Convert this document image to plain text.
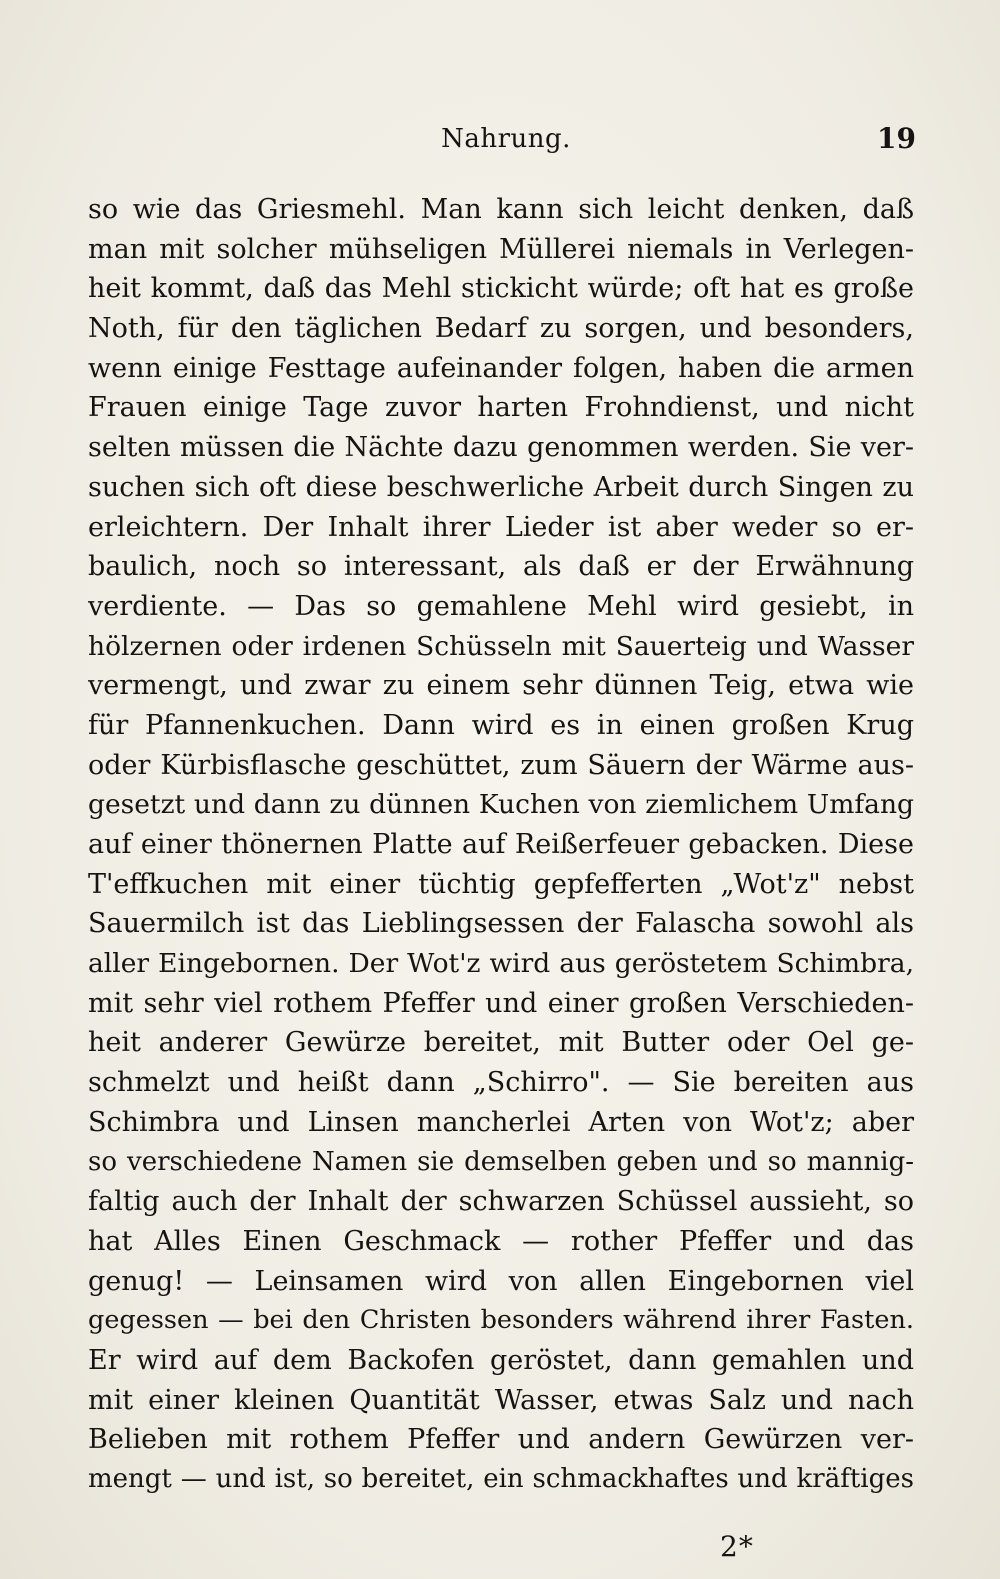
Nahrung.	19
so wie das Griesmehl. Man kann sich leicht denken, daß
man mit solcher mühseligen Müllerei niemals in Verlegen-
heit kommt, daß das Mehl stickicht würde; oft hat es große
Noth, für den täglichen Bedarf zu sorgen, und besonders,
wenn einige Festtage aufeinander folgen, haben die armen
Frauen einige Tage zuvor harten Frohndienst, und nicht
selten müssen die Nächte dazu genommen werden. Sie ver-
suchen sich oft diese beschwerliche Arbeit durch Singen zu
erleichtern. Der Inhalt ihrer Lieder ist aber weder so er-
baulich, noch so interessant, als daß er der Erwähnung
verdiente. — Das so gemahlene Mehl wird gesiebt, in
hölzernen oder irdenen Schüsseln mit Sauerteig und Wasser
vermengt, und zwar zu einem sehr dünnen Teig, etwa wie
für Pfannenkuchen. Dann wird es in einen großen Krug
oder Kürbisflasche geschüttet, zum Säuern der Wärme aus-
gesetzt und dann zu dünnen Kuchen von ziemlichem Umfang
auf einer thönernen Platte auf Reißerfeuer gebacken. Diese
T'effkuchen mit einer tüchtig gepfefferten „Wot'z" nebst
Sauermilch ist das Lieblingsessen der Falascha sowohl als
aller Eingebornen. Der Wot'z wird aus geröstetem Schimbra,
mit sehr viel rothem Pfeffer und einer großen Verschieden-
heit anderer Gewürze bereitet, mit Butter oder Oel ge-
schmelzt und heißt dann „Schirro". — Sie bereiten aus
Schimbra und Linsen mancherlei Arten von Wot'z; aber
so verschiedene Namen sie demselben geben und so mannig-
faltig auch der Inhalt der schwarzen Schüssel aussieht, so
hat Alles Einen Geschmack — rother Pfeffer und das
genug! — Leinsamen wird von allen Eingebornen viel
gegessen — bei den Christen besonders während ihrer Fasten.
Er wird auf dem Backofen geröstet, dann gemahlen und
mit einer kleinen Quantität Wasser, etwas Salz und nach
Belieben mit rothem Pfeffer und andern Gewürzen ver-
mengt — und ist, so bereitet, ein schmackhaftes und kräftiges
2*
